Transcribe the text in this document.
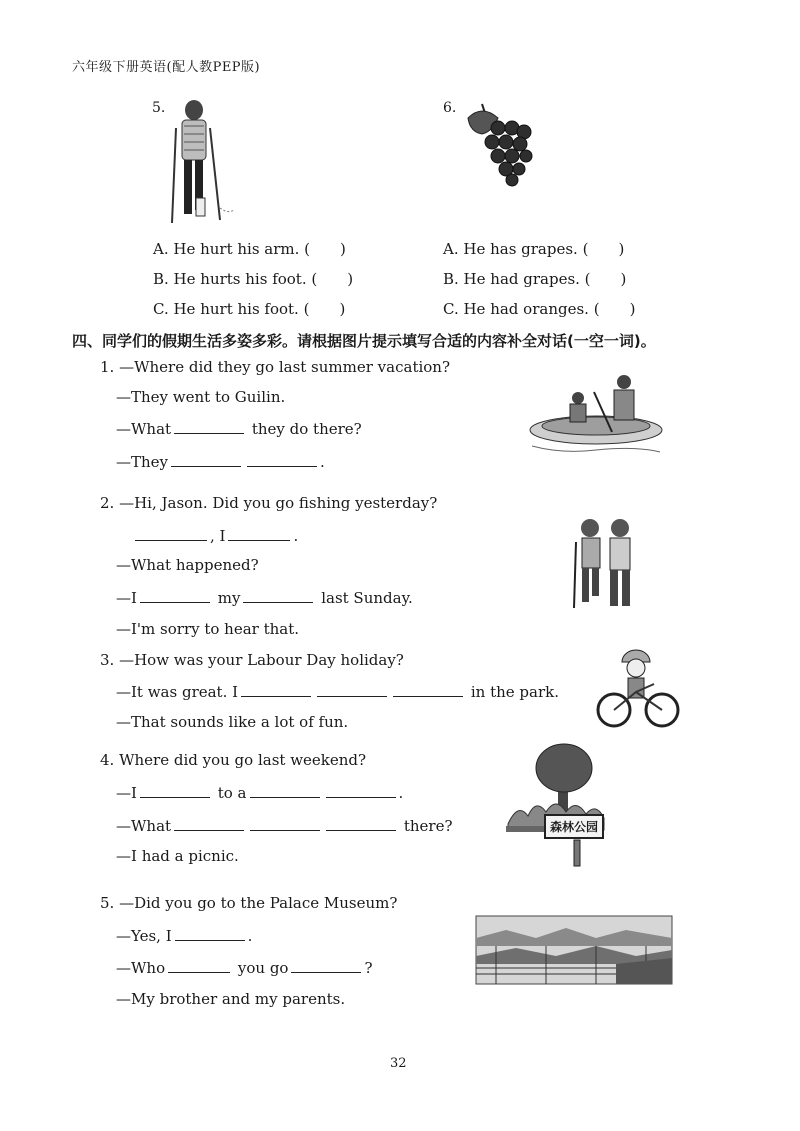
六年级下册英语(配人教PEP版)
5.
A. He hurt his arm. ( )
B. He hurts his foot. ( )
C. He hurt his foot. ( )
6.
A. He has grapes. ( )
B. He had grapes. ( )
C. He had oranges. ( )
四、同学们的假期生活多姿多彩。请根据图片提示填写合适的内容补全对话(一空一词)。
1. —Where did they go last summer vacation?
—They went to Guilin.
—What	they do there?
—They	.
2. —Hi, Jason. Did you go fishing yesterday?
, I	.
—What happened?
—I	my	last Sunday.
—I'm sorry to hear that.
3. —How was your Labour Day holiday?
—It was great. I	in the park.
—That sounds like a lot of fun.
4. Where did you go last weekend?
—I	to a	.
—What	there?
—I had a picnic.
森林公园
5. —Did you go to the Palace Museum?
—Yes, I	.
—Who	you go	?
—My brother and my parents.
32
